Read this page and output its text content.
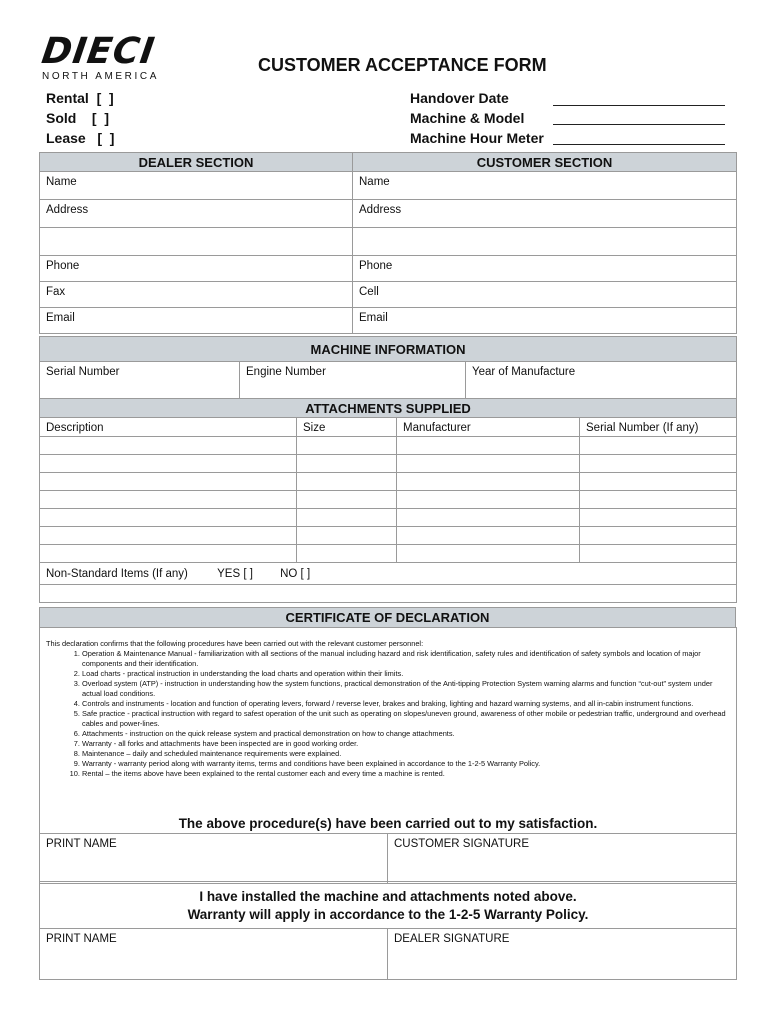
DIECI
NORTH AMERICA
CUSTOMER ACCEPTANCE FORM
Rental  [  ]
Sold    [  ]
Lease   [  ]
Handover Date
Machine & Model
Machine Hour Meter
DEALER SECTION	CUSTOMER SECTION
Name	Name
Address	Address

Phone	Phone
Fax	Cell
Email	Email
MACHINE INFORMATION
Serial Number	Engine Number	Year of Manufacture
ATTACHMENTS SUPPLIED			
Description	Size	Manufacturer	Serial Number (If any)

Non-Standard Items (If any) YES [ ] NO [ ]			

CERTIFICATE OF DECLARATION

This declaration confirms that the following procedures have been carried out with the relevant customer personnel:

1. Operation & Maintenance Manual - familiarization with all sections of the manual including hazard and risk identification, safety rules and identification of safety symbols and location of major components and their identification.
2. Load charts - practical instruction in understanding the load charts and operation within their limits.
3. Overload system (ATP) - instruction in understanding how the system functions, practical demonstration of the Anti-tipping Protection System warning alarms and function “cut-out” system under actual load conditions.
4. Controls and instruments - location and function of operating levers, forward / reverse lever, brakes and braking, lighting and hazard warning systems, and all in-cabin instrument functions.
5. Safe practice - practical instruction with regard to safest operation of the unit such as operating on slopes/uneven ground, awareness of other mobile or pedestrian traffic, underground and overhead cables and power-lines.
6. Attachments - instruction on the quick release system and practical demonstration on how to change attachments.
7. Warranty - all forks and attachments have been inspected are in good working order.
8. Maintenance – daily and scheduled maintenance requirements were explained.
9. Warranty - warranty period along with warranty items, terms and conditions have been explained in accordance to the 1-2-5 Warranty Policy.
10. Rental – the items above have been explained to the rental customer each and every time a machine is rented.
The above procedure(s) have been carried out to my satisfaction.
PRINT NAME	CUSTOMER SIGNATURE
I have installed the machine and attachments noted above.
Warranty will apply in accordance to the 1-2-5 Warranty Policy.
PRINT NAME	DEALER SIGNATURE
